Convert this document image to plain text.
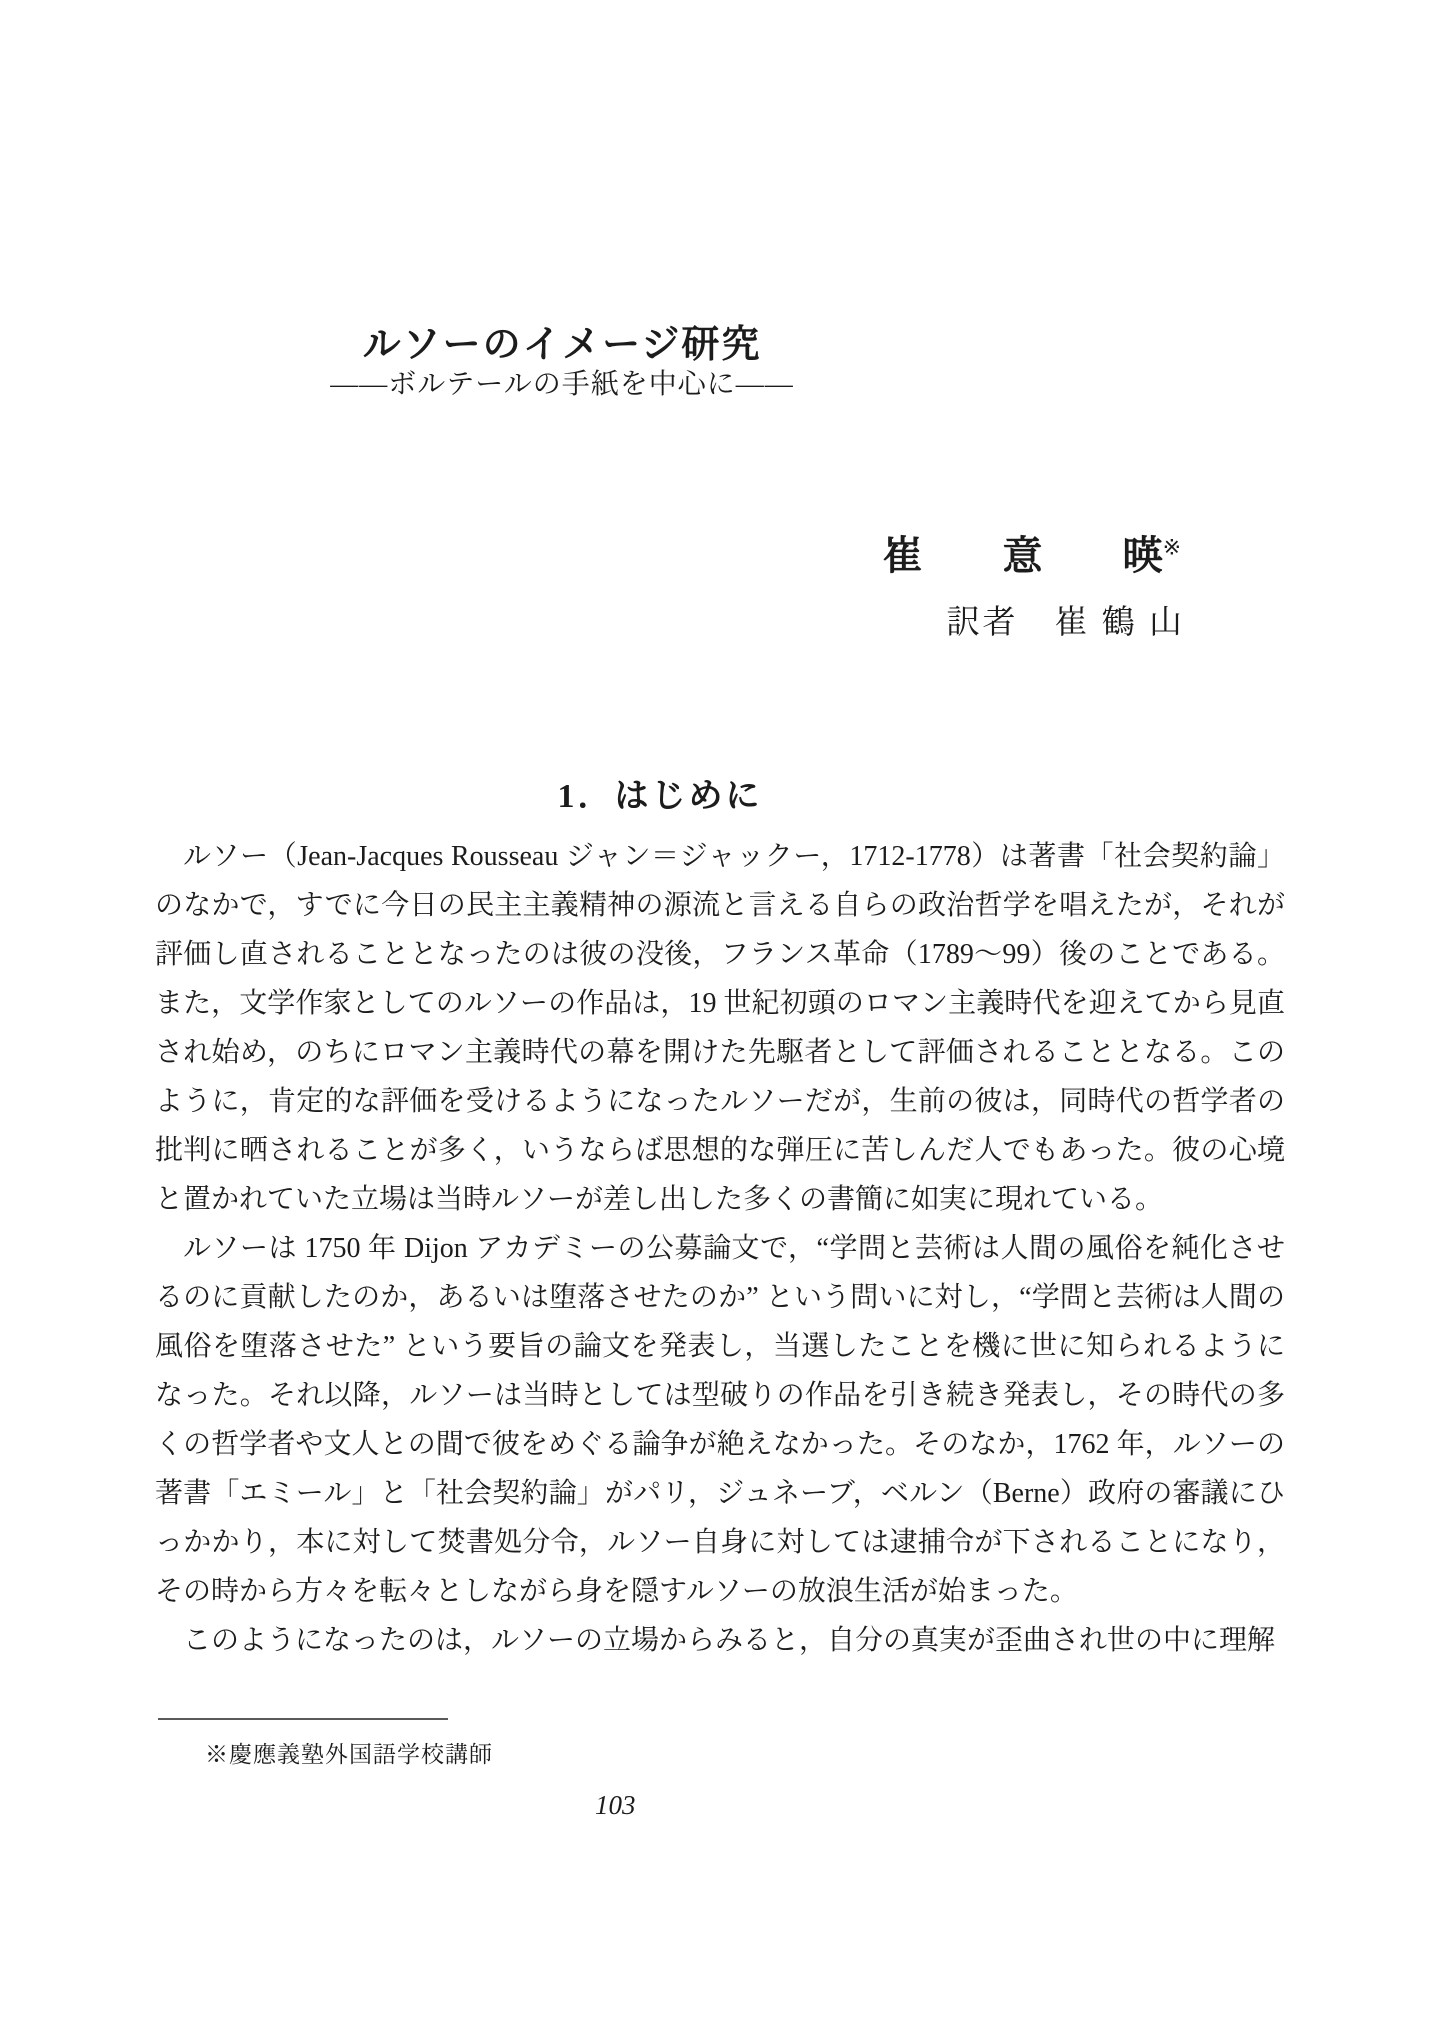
ルソーのイメージ研究
——ボルテールの手紙を中心に——
崔　　意　　暎※
訳者　崔 鶴 山
1．はじめに

ルソー（Jean-Jacques Rousseau ジャン＝ジャックー，1712-1778）は著書「社会契約論」のなかで，すでに今日の民主主義精神の源流と言える自らの政治哲学を唱えたが，それが評価し直されることとなったのは彼の没後，フランス革命（1789〜99）後のことである。また，文学作家としてのルソーの作品は，19 世紀初頭のロマン主義時代を迎えてから見直され始め，のちにロマン主義時代の幕を開けた先駆者として評価されることとなる。このように，肯定的な評価を受けるようになったルソーだが，生前の彼は，同時代の哲学者の批判に晒されることが多く，いうならば思想的な弾圧に苦しんだ人でもあった。彼の心境と置かれていた立場は当時ルソーが差し出した多くの書簡に如実に現れている。

ルソーは 1750 年 Dijon アカデミーの公募論文で，“学問と芸術は人間の風俗を純化させるのに貢献したのか，あるいは堕落させたのか” という問いに対し，“学問と芸術は人間の風俗を堕落させた” という要旨の論文を発表し，当選したことを機に世に知られるようになった。それ以降，ルソーは当時としては型破りの作品を引き続き発表し，その時代の多くの哲学者や文人との間で彼をめぐる論争が絶えなかった。そのなか，1762 年，ルソーの著書「エミール」と「社会契約論」がパリ，ジュネーブ，ベルン（Berne）政府の審議にひっかかり，本に対して焚書処分令，ルソー自身に対しては逮捕令が下されることになり，その時から方々を転々としながら身を隠すルソーの放浪生活が始まった。

このようになったのは，ルソーの立場からみると，自分の真実が歪曲され世の中に理解

※慶應義塾外国語学校講師
103
